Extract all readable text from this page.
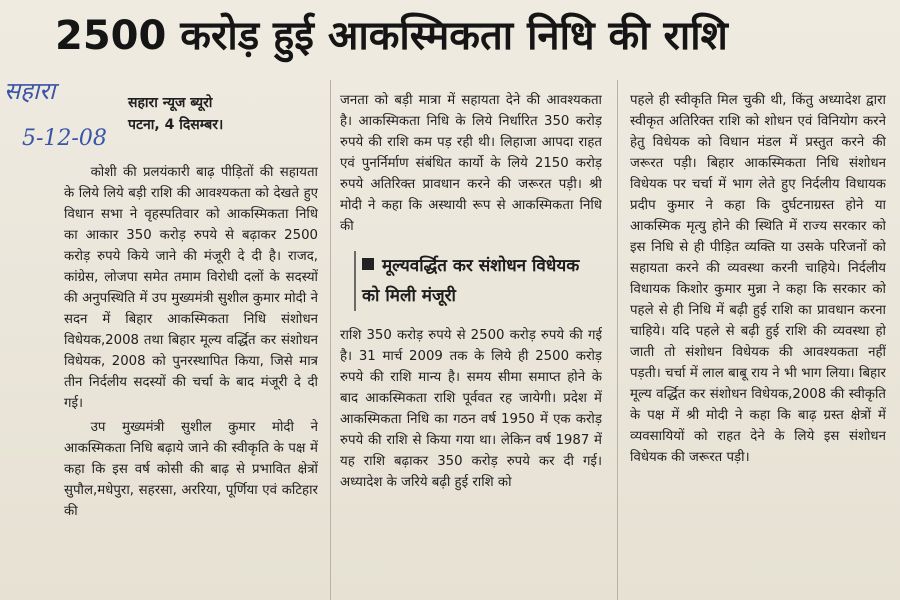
2500 करोड़ हुई आकस्मिकता निधि की राशि
सहारा
5-12-08
सहारा न्यूज ब्यूरो
पटना, 4 दिसम्बर।

कोशी की प्रलयंकारी बाढ़ पीड़ितों की सहायता के लिये लिये बड़ी राशि की आवश्यकता को देखते हुए विधान सभा ने वृहस्पतिवार को आकस्मिकता निधि का आकार 350 करोड़ रुपये से बढ़ाकर 2500 करोड़ रुपये किये जाने की मंजूरी दे दी है। राजद, कांग्रेस, लोजपा समेत तमाम विरोधी दलों के सदस्यों की अनुपस्थिति में उप मुख्यमंत्री सुशील कुमार मोदी ने सदन में बिहार आकस्मिकता निधि संशोधन विधेयक,2008 तथा बिहार मूल्य वर्द्धित कर संशोधन विधेयक, 2008 को पुनरस्थापित किया, जिसे मात्र तीन निर्दलीय सदस्यों की चर्चा के बाद मंजूरी दे दी गई।

उप मुख्यमंत्री सुशील कुमार मोदी ने आकस्मिकता निधि बढ़ाये जाने की स्वीकृति के पक्ष में कहा कि इस वर्ष कोसी की बाढ़ से प्रभावित क्षेत्रों सुपौल,मधेपुरा, सहरसा, अररिया, पूर्णिया एवं कटिहार की

जनता को बड़ी मात्रा में सहायता देने की आवश्यकता है। आकस्मिकता निधि के लिये निर्धारित 350 करोड़ रुपये की राशि कम पड़ रही थी। लिहाजा आपदा राहत एवं पुनर्निर्माण संबंधित कार्यो के लिये 2150 करोड़ रुपये अतिरिक्त प्रावधान करने की जरूरत पड़ी। श्री मोदी ने कहा कि अस्थायी रूप से आकस्मिकता निधि की

मूल्यवर्द्धित कर संशोधन विधेयक को मिली मंजूरी

राशि 350 करोड़ रुपये से 2500 करोड़ रुपये की गई है। 31 मार्च 2009 तक के लिये ही 2500 करोड़ रुपये की राशि मान्य है। समय सीमा समाप्त होने के बाद आकस्मिकता राशि पूर्ववत रह जायेगी। प्रदेश में आकस्मिकता निधि का गठन वर्ष 1950 में एक करोड़ रुपये की राशि से किया गया था। लेकिन वर्ष 1987 में यह राशि बढ़ाकर 350 करोड़ रुपये कर दी गई। अध्यादेश के जरिये बढ़ी हुई राशि को

पहले ही स्वीकृति मिल चुकी थी, किंतु अध्यादेश द्वारा स्वीकृत अतिरिक्त राशि को शोधन एवं विनियोग करने हेतु विधेयक को विधान मंडल में प्रस्तुत करने की जरूरत पड़ी। बिहार आकस्मिकता निधि संशोधन विधेयक पर चर्चा में भाग लेते हुए निर्दलीय विधायक प्रदीप कुमार ने कहा कि दुर्घटनाग्रस्त होने या आकस्मिक मृत्यु होने की स्थिति में राज्य सरकार को इस निधि से ही पीड़ित व्यक्ति या उसके परिजनों को सहायता करने की व्यवस्था करनी चाहिये। निर्दलीय विधायक किशोर कुमार मुन्ना ने कहा कि सरकार को पहले से ही निधि में बढ़ी हुई राशि का प्रावधान करना चाहिये। यदि पहले से बढ़ी हुई राशि की व्यवस्था हो जाती तो संशोधन विधेयक की आवश्यकता नहीं पड़ती। चर्चा में लाल बाबू राय ने भी भाग लिया। बिहार मूल्य वर्द्धित कर संशोधन विधेयक,2008 की स्वीकृति के पक्ष में श्री मोदी ने कहा कि बाढ़ ग्रस्त क्षेत्रों में व्यवसायियों को राहत देने के लिये इस संशोधन विधेयक की जरूरत पड़ी।
